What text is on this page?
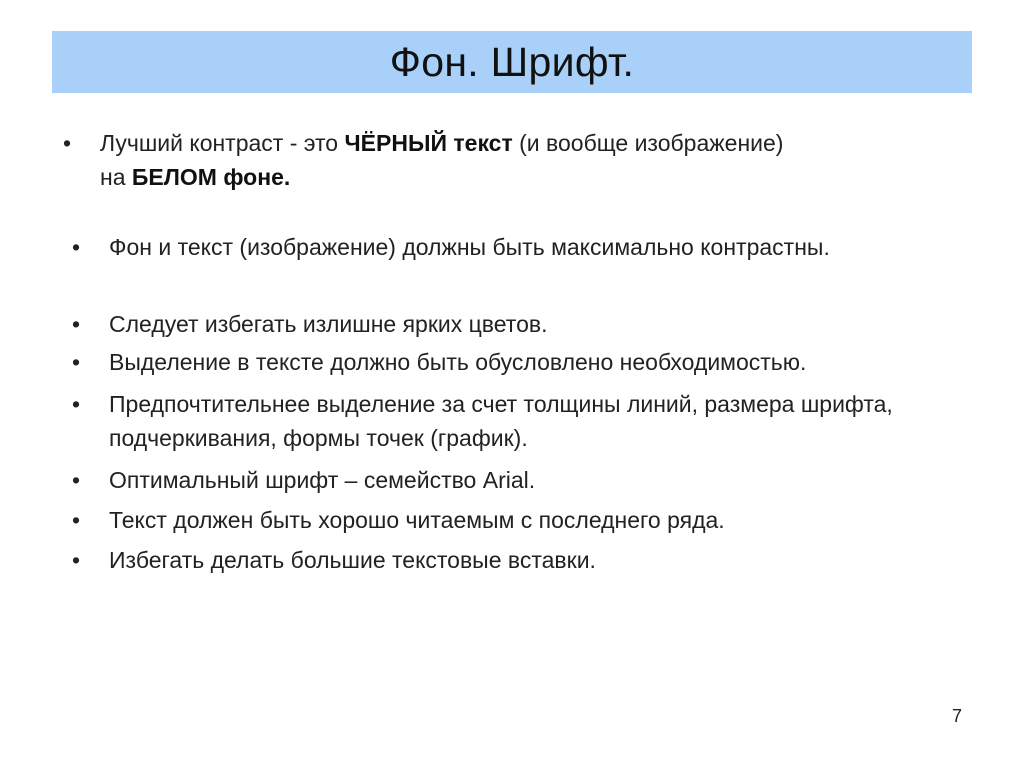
Фон. Шрифт.
• Лучший контраст - это ЧЁРНЫЙ текст (и вообще изображение)
на БЕЛОМ фоне.
• Фон и текст (изображение) должны быть максимально контрастны.
• Следует избегать излишне ярких цветов.
• Выделение в тексте должно быть обусловлено необходимостью.
• Предпочтительнее выделение за счет толщины линий, размера шрифта, подчеркивания, формы точек (график).
• Оптимальный шрифт – семейство Arial.
• Текст должен быть хорошо читаемым с последнего ряда.
• Избегать делать большие текстовые вставки.
7
